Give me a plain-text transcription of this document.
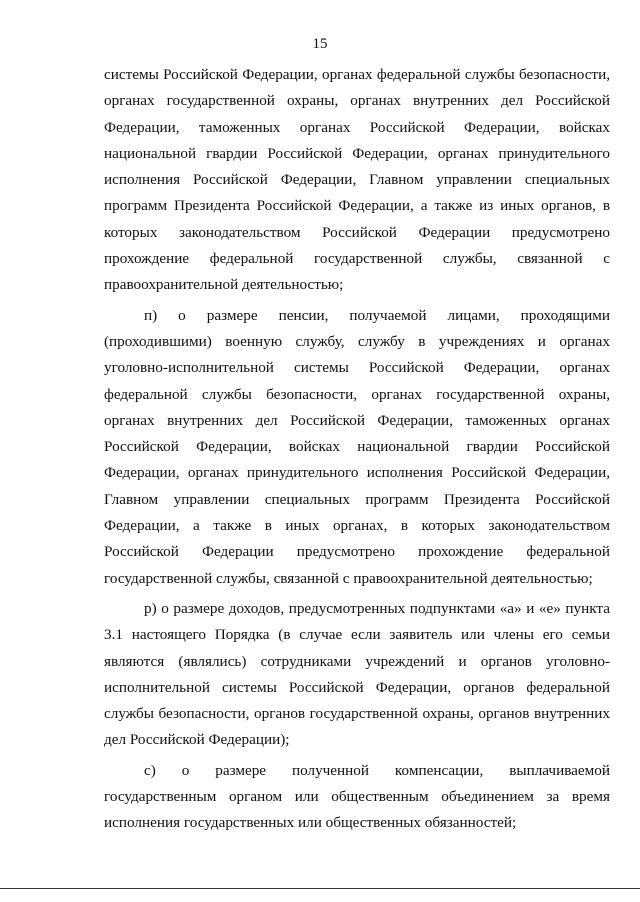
15
системы Российской Федерации, органах федеральной службы безопасности,
органах государственной охраны, органах внутренних дел Российской
Федерации, таможенных органах Российской Федерации, войсках
национальной гвардии Российской Федерации, органах принудительного
исполнения Российской Федерации, Главном управлении специальных
программ Президента Российской Федерации, а также из иных органов, в
которых законодательством Российской Федерации предусмотрено
прохождение федеральной государственной службы, связанной с
правоохранительной деятельностью;
п) о размере пенсии, получаемой лицами, проходящими
(проходившими) военную службу, службу в учреждениях и органах
уголовно-исполнительной системы Российской Федерации, органах
федеральной службы безопасности, органах государственной охраны,
органах внутренних дел Российской Федерации, таможенных органах
Российской Федерации, войсках национальной гвардии Российской
Федерации, органах принудительного исполнения Российской Федерации,
Главном управлении специальных программ Президента Российской
Федерации, а также в иных органах, в которых законодательством
Российской Федерации предусмотрено прохождение федеральной
государственной службы, связанной с правоохранительной деятельностью;
р) о размере доходов, предусмотренных подпунктами «а» и «е» пункта
3.1 настоящего Порядка (в случае если заявитель или члены его семьи
являются (являлись) сотрудниками учреждений и органов уголовно-
исполнительной системы Российской Федерации, органов федеральной
службы безопасности, органов государственной охраны, органов внутренних
дел Российской Федерации);
с) о размере полученной компенсации, выплачиваемой
государственным органом или общественным объединением за время
исполнения государственных или общественных обязанностей;
